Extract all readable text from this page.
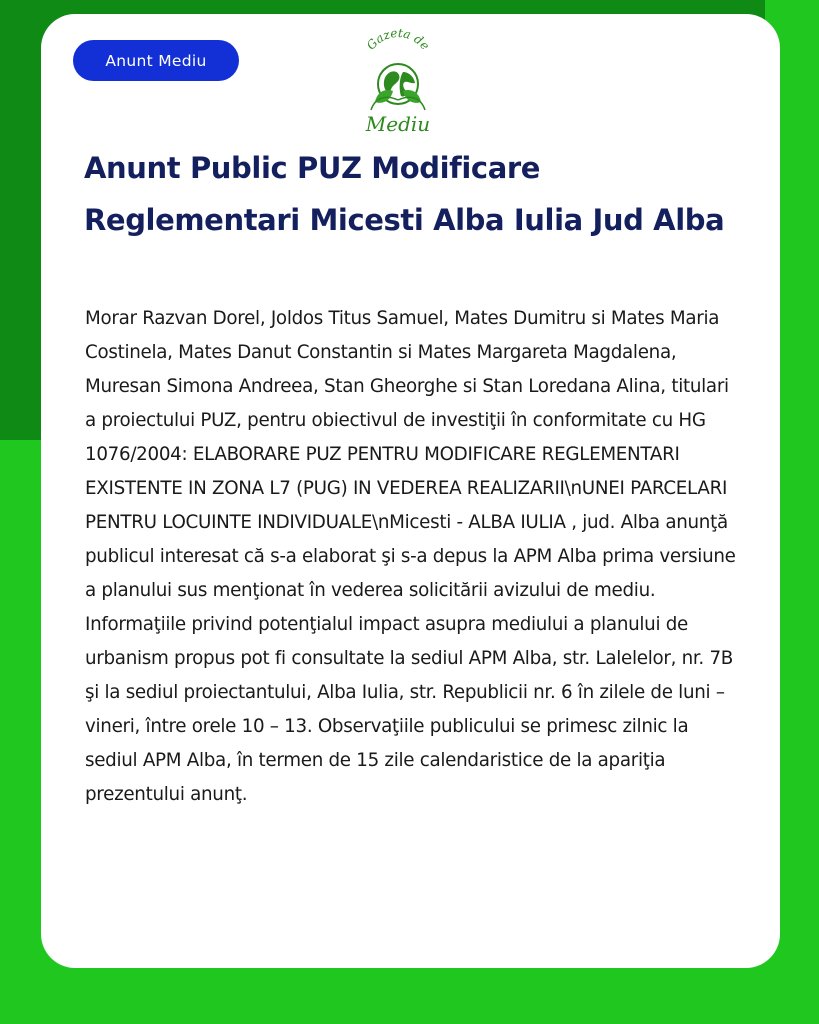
Anunt Mediu
Gazeta de
Mediu
Anunt Public PUZ Modificare Reglementari Micesti Alba Iulia Jud Alba

Morar Razvan Dorel, Joldos Titus Samuel, Mates Dumitru si Mates Maria Costinela, Mates Danut Constantin si Mates Margareta Magdalena, Muresan Simona Andreea, Stan Gheorghe si Stan Loredana Alina, titulari a proiectului PUZ, pentru obiectivul de investiţii în conformitate cu HG 1076/2004: ELABORARE PUZ PENTRU MODIFICARE REGLEMENTARI EXISTENTE IN ZONA L7 (PUG) IN VEDEREA REALIZARII\nUNEI PARCELARI PENTRU LOCUINTE INDIVIDUALE\nMicesti - ALBA IULIA , jud. Alba anunţă publicul interesat că s-a elaborat şi s-a depus la APM Alba prima versiune a planului sus menţionat în vederea solicitării avizului de mediu. Informaţiile privind potenţialul impact asupra mediului a planului de urbanism propus pot fi consultate la sediul APM Alba, str. Lalelelor, nr. 7B şi la sediul proiectantului, Alba Iulia, str. Republicii nr. 6 în zilele de luni – vineri, între orele 10 – 13. Observaţiile publicului se primesc zilnic la sediul APM Alba, în termen de 15 zile calendaristice de la apariţia prezentului anunţ.
